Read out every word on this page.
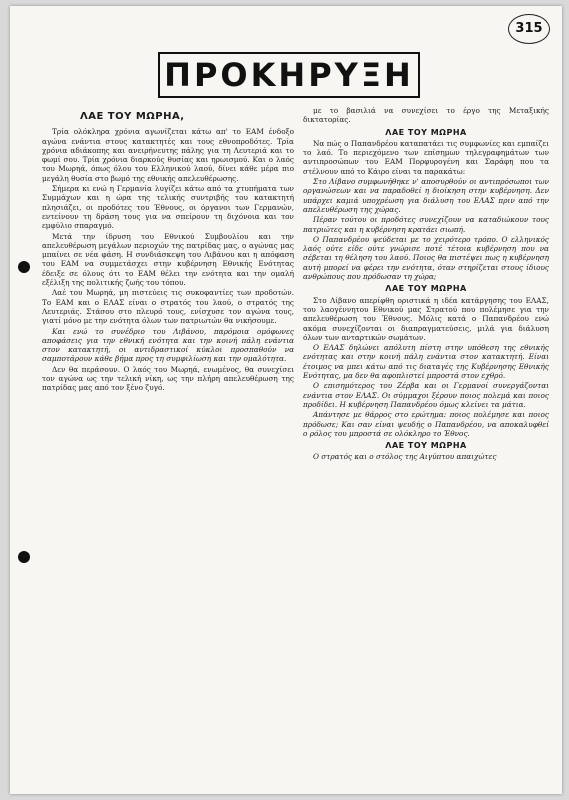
315
ΠΡΟΚΗΡΥΞΗ
ΛΑΕ ΤΟΥ ΜΩΡΗΑ,

Τρία ολόκληρα χρόνια αγωνίζεται κάτω απ' το ΕΑΜ ένδοξο αγώνα ενάντια στους κατακτητές και τους εθνοπροδότες. Τρία χρόνια αδιάκοπης και ανειρήνευτης πάλης για τη Λευτεριά και το φωμί σου. Τρία χρόνια διαρκούς θυσίας και ηρωισμού. Και ο λαός του Μωρηά, όπως όλου του Ελληνικού λαού, δίνει κάθε μέρα πιο μεγάλη θυσία στο βωμό της εθνικής απελευθέρωσης.

Σήμερα κι ενώ η Γερμανία λυγίζει κάτω από τα χτυπήματα των Συμμάχων και η ώρα της τελικής συντριβής του κατακτητή πλησιάζει, οι προδότες του Έθνους, οι όργανοι των Γερμανών, εντείνουν τη δράση τους για να σπείρουν τη διχόνοια και τον εμφύλιο σπαραγμό.

Μετά την ίδρυση του Εθνικού Συμβουλίου και την απελευθέρωση μεγάλων περιοχών της πατρίδας μας, ο αγώνας μας μπαίνει σε νέα φάση. Η συνδιάσκεψη του Λιβάνου και η απόφαση του ΕΑΜ να συμμετάσχει στην κυβέρνηση Εθνικής Ενότητας έδειξε σε όλους ότι το ΕΑΜ θέλει την ενότητα και την ομαλή εξέλιξη της πολιτικής ζωής του τόπου.

Λαέ του Μωρηά, μη πιστεύεις τις συκοφαντίες των προδοτών. Το ΕΑΜ και ο ΕΛΑΣ είναι ο στρατός του λαού, ο στρατός της Λευτεριάς. Στάσου στο πλευρό τους, ενίσχυσε τον αγώνα τους, γιατί μόνο με την ενότητα όλων των πατριωτών θα νικήσουμε.

Και ενώ το συνέδριο του Λιβάνου, παρόμοια ομόφωνες αποφάσεις για την εθνική ενότητα και την κοινή πάλη ενάντια στον κατακτητή, οι αντιδραστικοί κύκλοι προσπαθούν να σαμποτάρουν κάθε βήμα προς τη συμφιλίωση και την ομαλότητα.

Δεν θα περάσουν. Ο λαός του Μωρηά, ενωμένος, θα συνεχίσει τον αγώνα ως την τελική νίκη, ως την πλήρη απελευθέρωση της πατρίδας μας από τον ξένο ζυγό.

με το βασιλιά να συνεχίσει το έργο της Μεταξικής δικτατορίας.

ΛΑΕ ΤΟΥ ΜΩΡΗΑ

Να πώς ο Παπανδρέου καταπατάει τις συμφωνίες και εμπαίζει το λαό. Το περιεχόμενο των επίσημων τηλεγραφημάτων των αντιπροσώπων του ΕΑΜ Πορφυρογένη και Σαράφη που τα στέλνουν από το Κάιρο είναι τα παρακάτω:

Στο Λίβανο συμφωνήθηκε ν' αποσυρθούν οι αντιπρόσωποι των οργανώσεων και να παραδοθεί η διοίκηση στην κυβέρνηση. Δεν υπάρχει καμιά υποχρέωση για διάλυση του ΕΛΑΣ πριν από την απελευθέρωση της χώρας.

Πέραν τούτου οι προδότες συνεχίζουν να καταδιώκουν τους πατριώτες και η κυβέρνηση κρατάει σιωπή.

Ο Παπανδρέου ψεύδεται με το χειρότερο τρόπο. Ο ελληνικός λαός ούτε είδε ούτε γνώρισε ποτέ τέτοια κυβέρνηση που να σέβεται τη θέληση του λαού. Ποιος θα πιστέψει πως η κυβέρνηση αυτή μπορεί να φέρει την ενότητα, όταν στηρίζεται στους ίδιους ανθρώπους που πρόδωσαν τη χώρα;

ΛΑΕ ΤΟΥ ΜΩΡΗΑ

Στο Λίβανο απερίφθη οριστικά η ιδέα κατάργησης του ΕΛΑΣ, του λαογέννητου Εθνικού μας Στρατού που πολέμησε για την απελευθέρωση του Έθνους. Μόλις κατά ο Παπανδρέου ενώ ακόμα συνεχίζονται οι διαπραγματεύσεις, μιλά για διάλυση όλων των ανταρτικών σωμάτων.

Ο ΕΛΑΣ δηλώνει απόλυτη πίστη στην υπόθεση της εθνικής ενότητας και στην κοινή πάλη ενάντια στον κατακτητή. Είναι έτοιμος να μπει κάτω από τις διαταγές της Κυβέρνησης Εθνικής Ενότητας, μα δεν θα αφοπλιστεί μπροστά στον εχθρό.

Ο επισημότερος του Ζέρβα και οι Γερμανοί συνεργάζονται ενάντια στον ΕΛΑΣ. Οι σύμμαχοι ξέρουν ποιος πολεμά και ποιος προδίδει. Η κυβέρνηση Παπανδρέου όμως κλείνει τα μάτια.

Απάντησε με θάρρος στο ερώτημα: ποιος πολέμησε και ποιος πρόδωσε; Και σαν είναι ψευδής ο Παπανδρέου, να αποκαλυφθεί ο ρόλος του μπροστά σε ολόκληρο το Έθνος.

ΛΑΕ ΤΟΥ ΜΩΡΗΑ

Ο στρατός και ο στόλος της Αιγύπτου απαιχώτες
